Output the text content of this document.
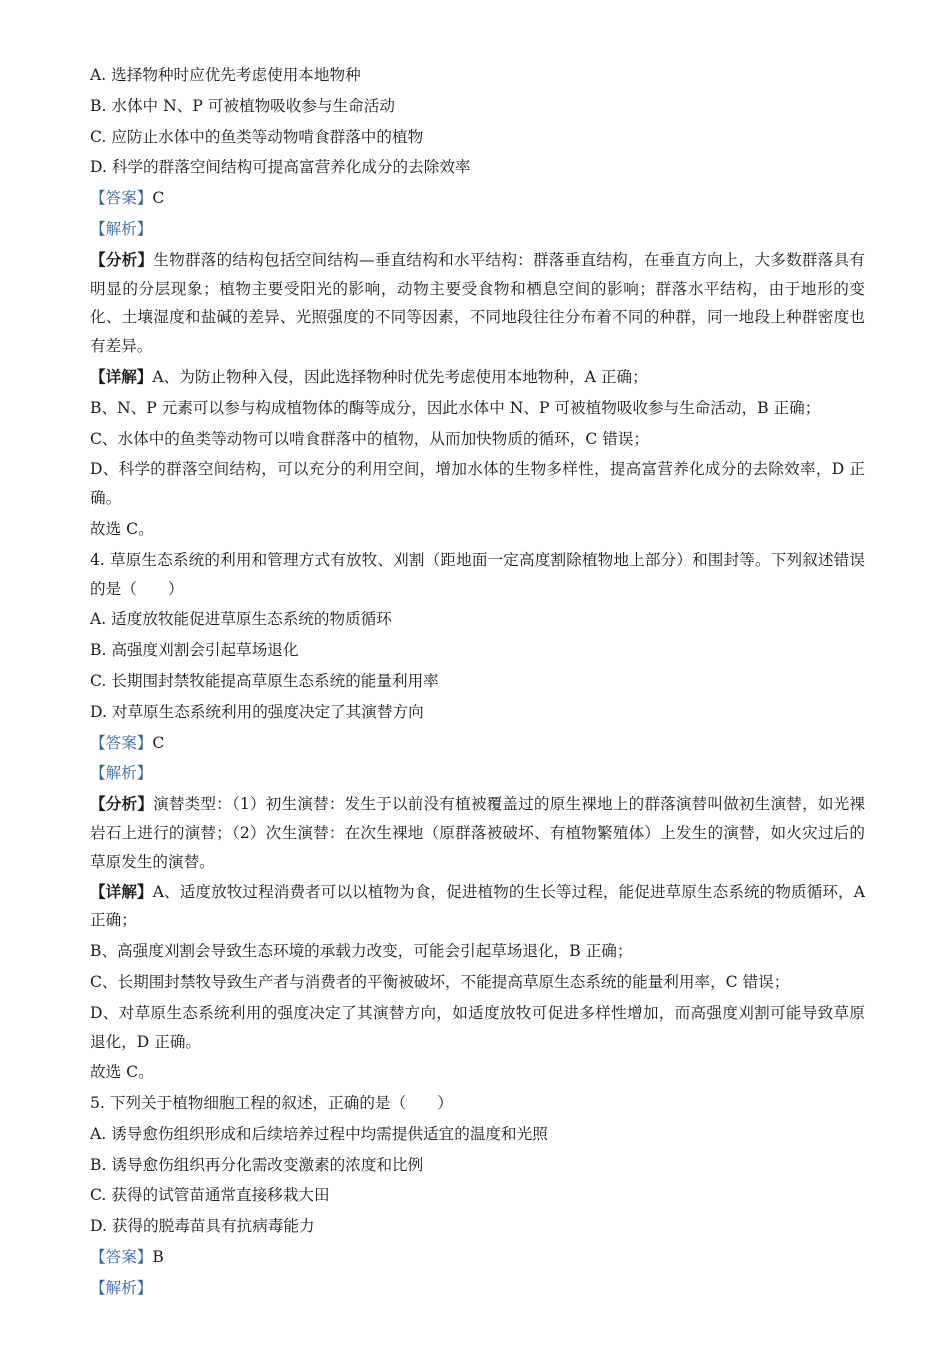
A. 选择物种时应优先考虑使用本地物种
B. 水体中 N、P 可被植物吸收参与生命活动
C. 应防止水体中的鱼类等动物啃食群落中的植物
D. 科学的群落空间结构可提高富营养化成分的去除效率
【答案】C
【解析】
【分析】生物群落的结构包括空间结构—垂直结构和水平结构：群落垂直结构，在垂直方向上，大多数群落具有明显的分层现象；植物主要受阳光的影响，动物主要受食物和栖息空间的影响；群落水平结构，由于地形的变化、土壤湿度和盐碱的差异、光照强度的不同等因素，不同地段往往分布着不同的种群，同一地段上种群密度也有差异。
【详解】A、为防止物种入侵，因此选择物种时优先考虑使用本地物种，A 正确；
B、N、P 元素可以参与构成植物体的酶等成分，因此水体中 N、P 可被植物吸收参与生命活动，B 正确；
C、水体中的鱼类等动物可以啃食群落中的植物，从而加快物质的循环，C 错误；
D、科学的群落空间结构，可以充分的利用空间，增加水体的生物多样性，提高富营养化成分的去除效率，D 正确。
故选 C。
4. 草原生态系统的利用和管理方式有放牧、刈割（距地面一定高度割除植物地上部分）和围封等。下列叙述错误的是（　　）
A. 适度放牧能促进草原生态系统的物质循环
B. 高强度刈割会引起草场退化
C. 长期围封禁牧能提高草原生态系统的能量利用率
D. 对草原生态系统利用的强度决定了其演替方向
【答案】C
【解析】
【分析】演替类型：（1）初生演替：发生于以前没有植被覆盖过的原生裸地上的群落演替叫做初生演替，如光裸岩石上进行的演替；（2）次生演替：在次生裸地（原群落被破坏、有植物繁殖体）上发生的演替，如火灾过后的草原发生的演替。
【详解】A、适度放牧过程消费者可以以植物为食，促进植物的生长等过程，能促进草原生态系统的物质循环，A 正确；
B、高强度刈割会导致生态环境的承载力改变，可能会引起草场退化，B 正确；
C、长期围封禁牧导致生产者与消费者的平衡被破坏，不能提高草原生态系统的能量利用率，C 错误；
D、对草原生态系统利用的强度决定了其演替方向，如适度放牧可促进多样性增加，而高强度刈割可能导致草原退化，D 正确。
故选 C。
5. 下列关于植物细胞工程的叙述，正确的是（　　）
A. 诱导愈伤组织形成和后续培养过程中均需提供适宜的温度和光照
B. 诱导愈伤组织再分化需改变激素的浓度和比例
C. 获得的试管苗通常直接移栽大田
D. 获得的脱毒苗具有抗病毒能力
【答案】B
【解析】
